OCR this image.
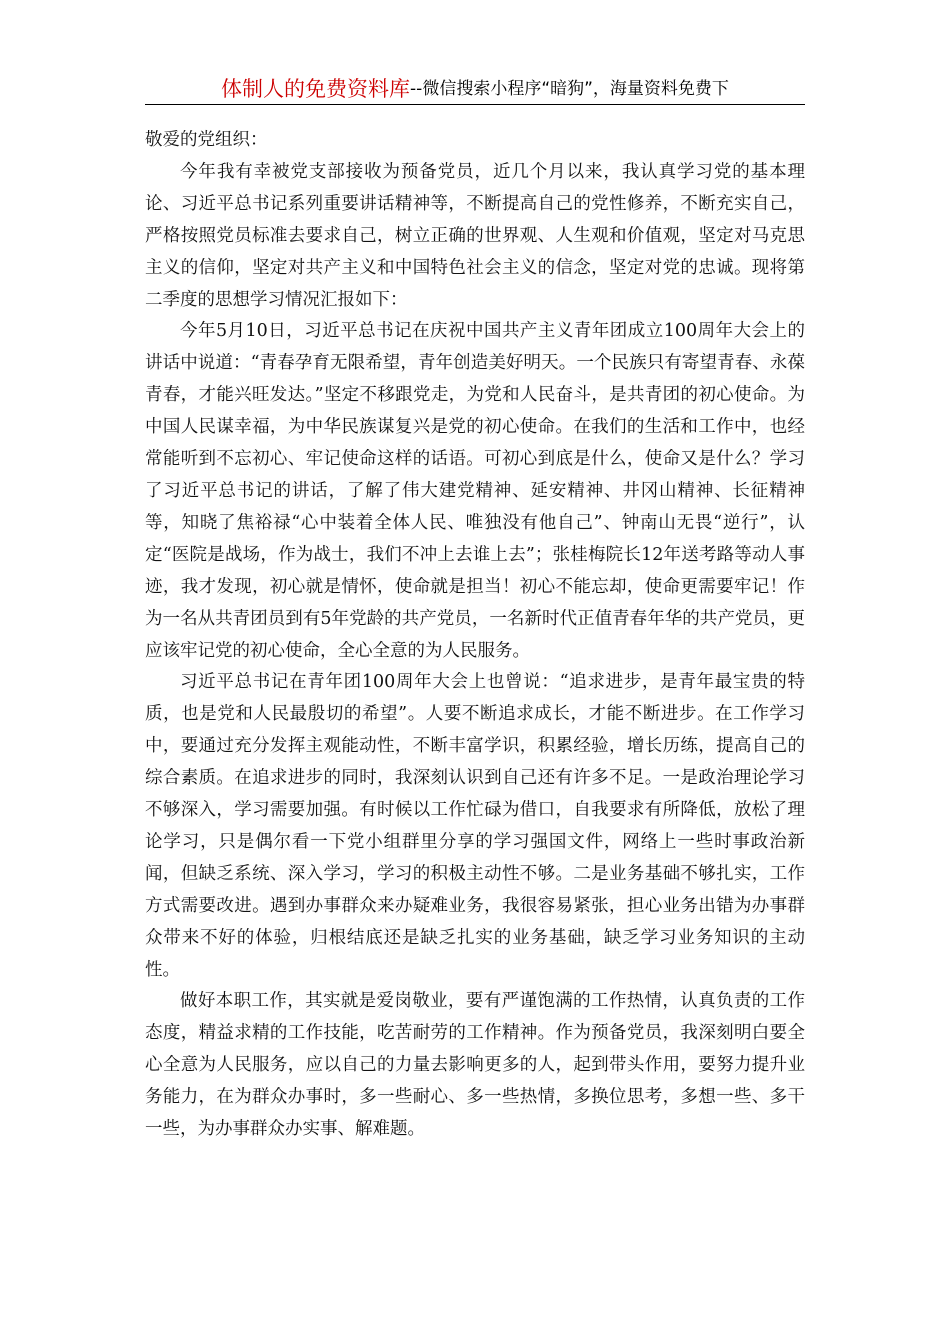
体制人的免费资料库 --微信搜索小程序“暗狗”，海量资料免费下

敬爱的党组织：

今年我有幸被党支部接收为预备党员，近几个月以来，我认真学习党的基本理论、习近平总书记系列重要讲话精神等，不断提高自己的党性修养，不断充实自己，严格按照党员标准去要求自己，树立正确的世界观、人生观和价值观，坚定对马克思主义的信仰，坚定对共产主义和中国特色社会主义的信念，坚定对党的忠诚。现将第二季度的思想学习情况汇报如下：

今年5月10日，习近平总书记在庆祝中国共产主义青年团成立100周年大会上的讲话中说道：“青春孕育无限希望，青年创造美好明天。一个民族只有寄望青春、永葆青春，才能兴旺发达。”坚定不移跟党走，为党和人民奋斗，是共青团的初心使命。为中国人民谋幸福，为中华民族谋复兴是党的初心使命。在我们的生活和工作中，也经常能听到不忘初心、牢记使命这样的话语。可初心到底是什么，使命又是什么？学习了习近平总书记的讲话，了解了伟大建党精神、延安精神、井冈山精神、长征精神等，知晓了焦裕禄“心中装着全体人民、唯独没有他自己”、钟南山无畏“逆行”，认定“医院是战场，作为战士，我们不冲上去谁上去”；张桂梅院长12年送考路等动人事迹，我才发现，初心就是情怀，使命就是担当！初心不能忘却，使命更需要牢记！作为一名从共青团员到有5年党龄的共产党员，一名新时代正值青春年华的共产党员，更应该牢记党的初心使命，全心全意的为人民服务。

习近平总书记在青年团100周年大会上也曾说：“追求进步，是青年最宝贵的特质，也是党和人民最殷切的希望”。人要不断追求成长，才能不断进步。在工作学习中，要通过充分发挥主观能动性，不断丰富学识，积累经验，增长历练，提高自己的综合素质。在追求进步的同时，我深刻认识到自己还有许多不足。一是政治理论学习不够深入，学习需要加强。有时候以工作忙碌为借口，自我要求有所降低，放松了理论学习，只是偶尔看一下党小组群里分享的学习强国文件，网络上一些时事政治新闻，但缺乏系统、深入学习，学习的积极主动性不够。二是业务基础不够扎实，工作方式需要改进。遇到办事群众来办疑难业务，我很容易紧张，担心业务出错为办事群众带来不好的体验，归根结底还是缺乏扎实的业务基础，缺乏学习业务知识的主动性。

做好本职工作，其实就是爱岗敬业，要有严谨饱满的工作热情，认真负责的工作态度，精益求精的工作技能，吃苦耐劳的工作精神。作为预备党员，我深刻明白要全心全意为人民服务，应以自己的力量去影响更多的人，起到带头作用，要努力提升业务能力，在为群众办事时，多一些耐心、多一些热情，多换位思考，多想一些、多干一些，为办事群众办实事、解难题。
